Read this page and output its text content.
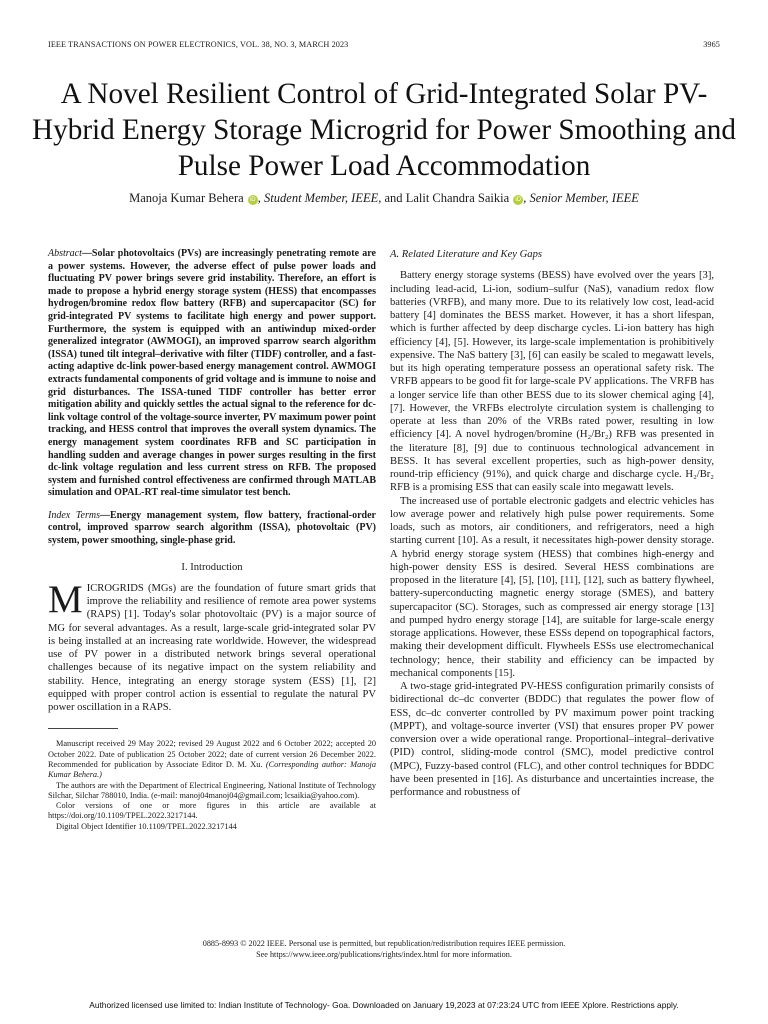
IEEE TRANSACTIONS ON POWER ELECTRONICS, VOL. 38, NO. 3, MARCH 2023	3965
A Novel Resilient Control of Grid-Integrated Solar PV-Hybrid Energy Storage Microgrid for Power Smoothing and Pulse Power Load Accommodation
Manoja Kumar Behera iD , Student Member, IEEE, and Lalit Chandra Saikia iD , Senior Member, IEEE
Abstract—Solar photovoltaics (PVs) are increasingly penetrating remote are a power systems. However, the adverse effect of pulse power loads and fluctuating PV power brings severe grid instability. Therefore, an effort is made to propose a hybrid energy storage system (HESS) that encompasses hydrogen/bromine redox flow battery (RFB) and supercapacitor (SC) for grid-integrated PV systems to facilitate high energy and power support. Furthermore, the system is equipped with an antiwindup mixed-order generalized integrator (AWMOGI), an improved sparrow search algorithm (ISSA) tuned tilt integral–derivative with filter (TIDF) controller, and a fast-acting adaptive dc-link power-based energy management control. AWMOGI extracts fundamental components of grid voltage and is immune to noise and grid disturbances. The ISSA-tuned TIDF controller has better error mitigation ability and quickly settles the actual signal to the reference for dc-link voltage control of the voltage-source inverter, PV maximum power point tracking, and HESS control that improves the overall system dynamics. The energy management system coordinates RFB and SC participation in handling sudden and average changes in power surges resulting in the first dc-link voltage regulation and less current stress on RFB. The proposed system and furnished control effectiveness are confirmed through MATLAB simulation and OPAL-RT real-time simulator test bench.
Index Terms—Energy management system, flow battery, fractional-order control, improved sparrow search algorithm (ISSA), photovoltaic (PV) system, power smoothing, single-phase grid.
I. Introduction

MICROGRIDS (MGs) are the foundation of future smart grids that improve the reliability and resilience of remote area power systems (RAPS) [1]. Today's solar photovoltaic (PV) is a major source of MG for several advantages. As a result, large-scale grid-integrated solar PV is being installed at an increasing rate worldwide. However, the widespread use of PV power in a distributed network brings several operational challenges because of its negative impact on the system reliability and stability. Hence, integrating an energy storage system (ESS) [1], [2] equipped with proper control action is essential to regulate the natural PV power oscillation in a RAPS.

Manuscript received 29 May 2022; revised 29 August 2022 and 6 October 2022; accepted 20 October 2022. Date of publication 25 October 2022; date of current version 26 December 2022. Recommended for publication by Associate Editor D. M. Xu. (Corresponding author: Manoja Kumar Behera.)

The authors are with the Department of Electrical Engineering, National Institute of Technology Silchar, Silchar 788010, India. (e-mail: manoj04manoj04@gmail.com; lcsaikia@yahoo.com).

Color versions of one or more figures in this article are available at https://doi.org/10.1109/TPEL.2022.3217144.

Digital Object Identifier 10.1109/TPEL.2022.3217144

A. Related Literature and Key Gaps

Battery energy storage systems (BESS) have evolved over the years [3], including lead-acid, Li-ion, sodium–sulfur (NaS), vanadium redox flow batteries (VRFB), and many more. Due to its relatively low cost, lead-acid battery [4] dominates the BESS market. However, it has a short lifespan, which is further affected by deep discharge cycles. Li-ion battery has high efficiency [4], [5]. However, its large-scale implementation is prohibitively expensive. The NaS battery [3], [6] can easily be scaled to megawatt levels, but its high operating temperature possess an operational safety risk. The VRFB appears to be good fit for large-scale PV applications. The VRFB has a longer service life than other BESS due to its slower chemical aging [4], [7]. However, the VRFBs electrolyte circulation system is challenging to operate at less than 20% of the VRBs rated power, resulting in low efficiency [4]. A novel hydrogen/bromine (H₂/Br₂) RFB was presented in the literature [8], [9] due to continuous technological advancement in BESS. It has several excellent properties, such as high-power density, round-trip efficiency (91%), and quick charge and discharge cycle. H₂/Br₂ RFB is a promising ESS that can easily scale into megawatt levels.

The increased use of portable electronic gadgets and electric vehicles has low average power and relatively high pulse power requirements. Some loads, such as motors, air conditioners, and refrigerators, need a high starting current [10]. As a result, it necessitates high-power density storage. A hybrid energy storage system (HESS) that combines high-energy and high-power density ESS is desired. Several HESS combinations are proposed in the literature [4], [5], [10], [11], [12], such as battery flywheel, battery-superconducting magnetic energy storage (SMES), and battery supercapacitor (SC). Storages, such as compressed air energy storage [13] and pumped hydro energy storage [14], are suitable for large-scale energy storage applications. However, these ESSs depend on topographical factors, making their development difficult. Flywheels ESSs use electromechanical technology; hence, their stability and efficiency can be impacted by mechanical components [15].

A two-stage grid-integrated PV-HESS configuration primarily consists of bidirectional dc–dc converter (BDDC) that regulates the power flow of ESS, dc–dc converter controlled by PV maximum power point tracking (MPPT), and voltage-source inverter (VSI) that ensures proper PV power conversion over a wide operational range. Proportional–integral–derivative (PID) control, sliding-mode control (SMC), model predictive control (MPC), Fuzzy-based control (FLC), and other control techniques for BDDC have been presented in [16]. As disturbance and uncertainties increase, the performance and robustness of

0885-8993 © 2022 IEEE. Personal use is permitted, but republication/redistribution requires IEEE permission.
See https://www.ieee.org/publications/rights/index.html for more information.
Authorized licensed use limited to: Indian Institute of Technology- Goa. Downloaded on January 19,2023 at 07:23:24 UTC from IEEE Xplore. Restrictions apply.
